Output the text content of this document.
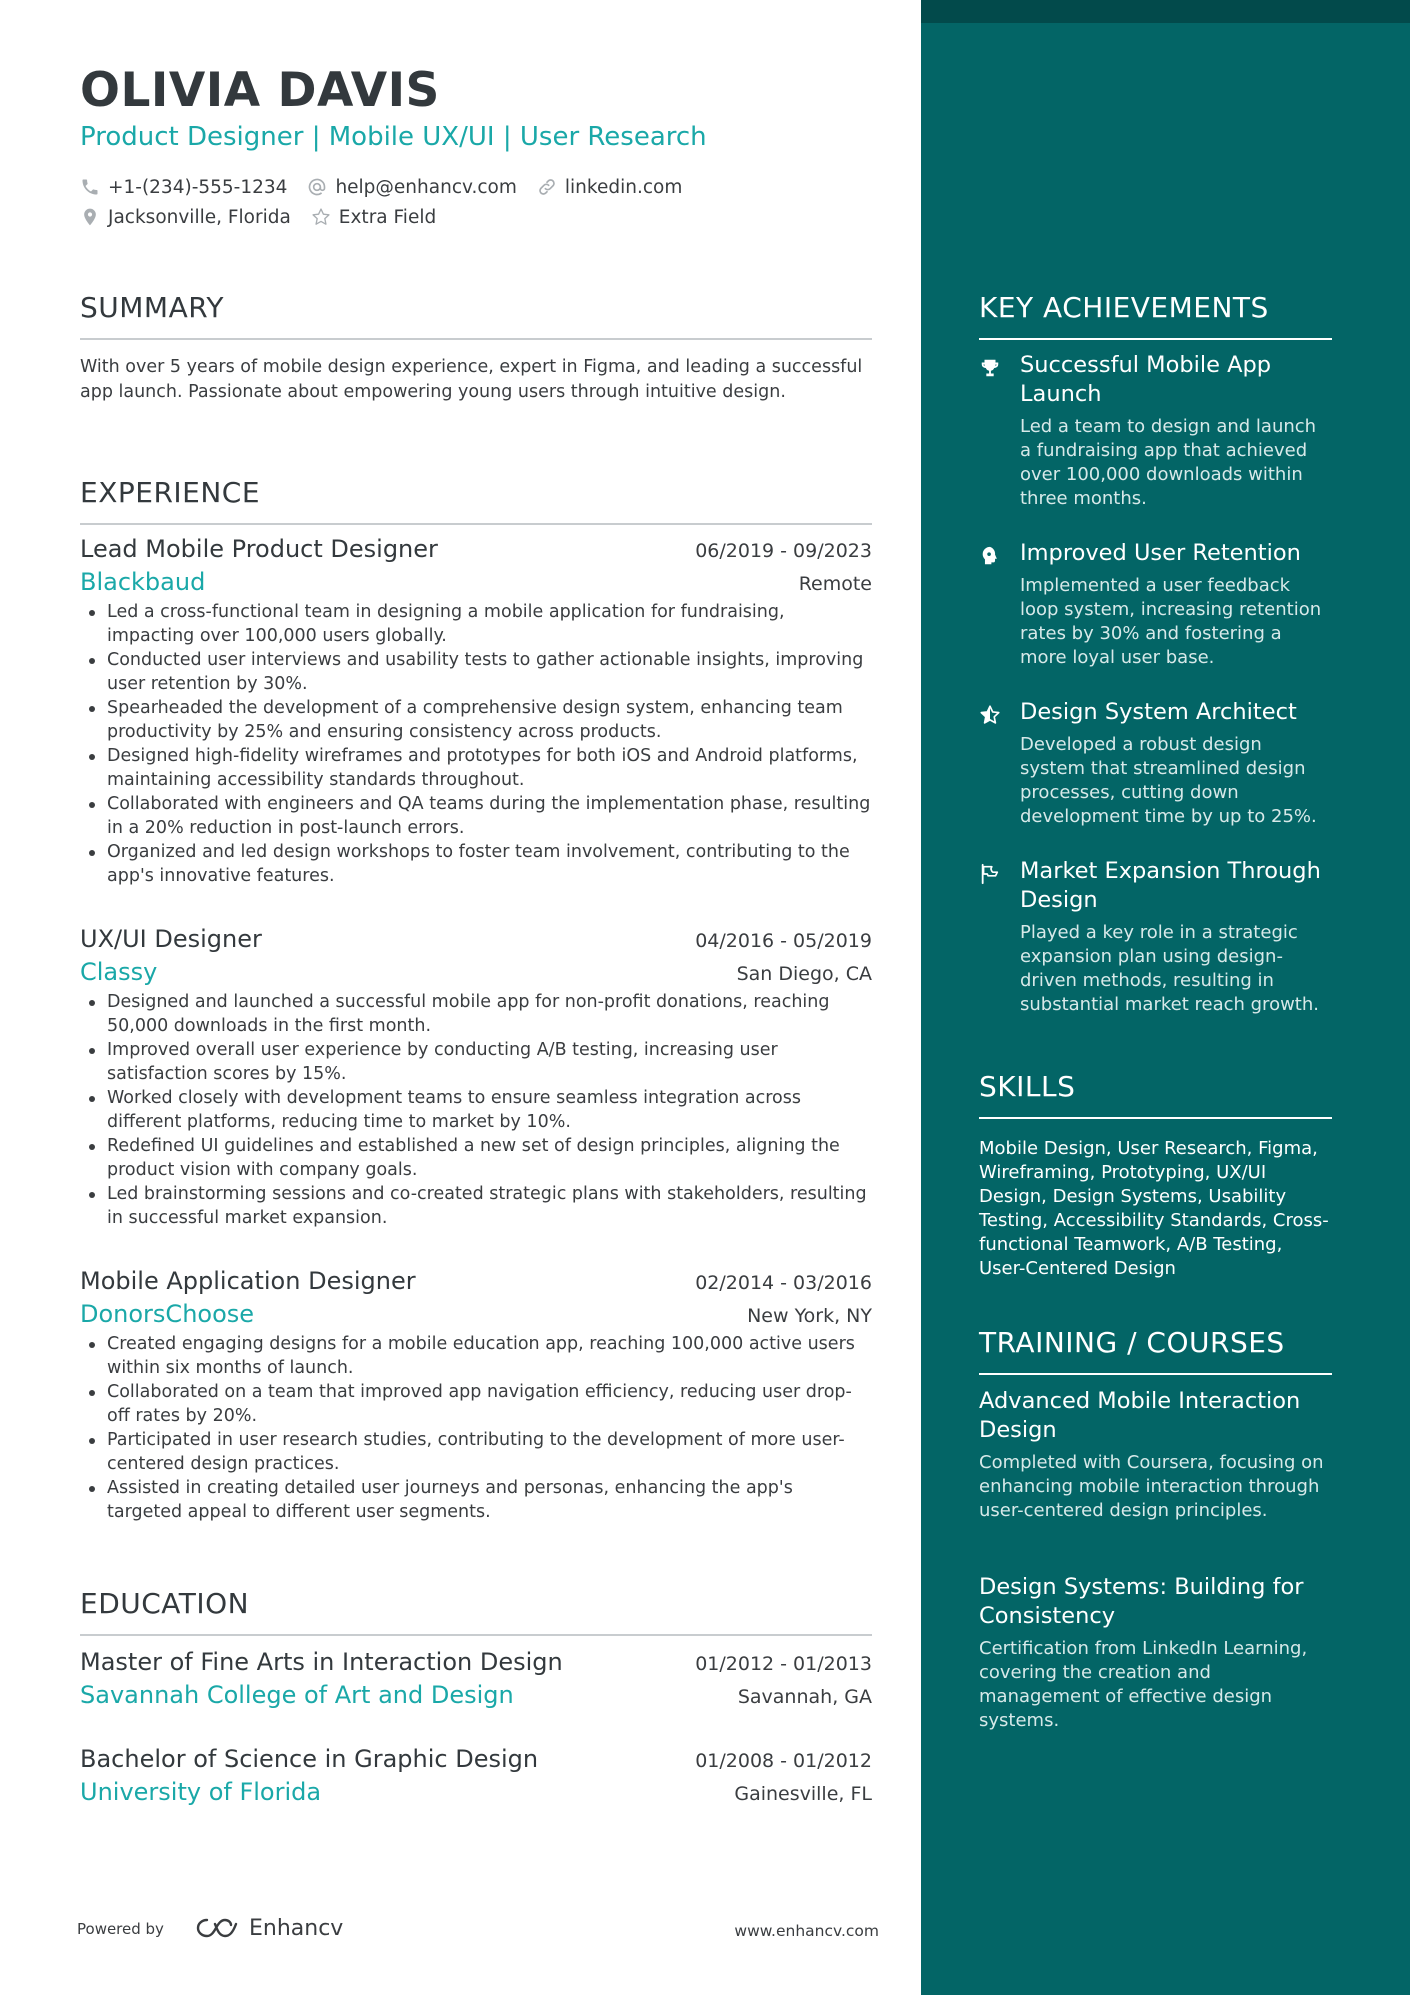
OLIVIA DAVIS
Product Designer | Mobile UX/UI | User Research
+1-(234)-555-1234	help@enhancv.com	linkedin.com
Jacksonville, Florida	Extra Field
SUMMARY
With over 5 years of mobile design experience, expert in Figma, and leading a successful app launch. Passionate about empowering young users through intuitive design.
EXPERIENCE
Lead Mobile Product Designer	06/2019 - 09/2023
Blackbaud	Remote
Led a cross-functional team in designing a mobile application for fundraising, impacting over 100,000 users globally.
Conducted user interviews and usability tests to gather actionable insights, improving user retention by 30%.
Spearheaded the development of a comprehensive design system, enhancing team productivity by 25% and ensuring consistency across products.
Designed high-fidelity wireframes and prototypes for both iOS and Android platforms, maintaining accessibility standards throughout.
Collaborated with engineers and QA teams during the implementation phase, resulting in a 20% reduction in post-launch errors.
Organized and led design workshops to foster team involvement, contributing to the app's innovative features.
UX/UI Designer	04/2016 - 05/2019
Classy	San Diego, CA
Designed and launched a successful mobile app for non-profit donations, reaching 50,000 downloads in the first month.
Improved overall user experience by conducting A/B testing, increasing user satisfaction scores by 15%.
Worked closely with development teams to ensure seamless integration across different platforms, reducing time to market by 10%.
Redefined UI guidelines and established a new set of design principles, aligning the product vision with company goals.
Led brainstorming sessions and co-created strategic plans with stakeholders, resulting in successful market expansion.
Mobile Application Designer	02/2014 - 03/2016
DonorsChoose	New York, NY
Created engaging designs for a mobile education app, reaching 100,000 active users within six months of launch.
Collaborated on a team that improved app navigation efficiency, reducing user drop-off rates by 20%.
Participated in user research studies, contributing to the development of more user-centered design practices.
Assisted in creating detailed user journeys and personas, enhancing the app's targeted appeal to different user segments.
EDUCATION
Master of Fine Arts in Interaction Design	01/2012 - 01/2013
Savannah College of Art and Design	Savannah, GA
Bachelor of Science in Graphic Design	01/2008 - 01/2012
University of Florida	Gainesville, FL
KEY ACHIEVEMENTS
Successful Mobile App Launch
Led a team to design and launch a fundraising app that achieved over 100,000 downloads within three months.
Improved User Retention
Implemented a user feedback loop system, increasing retention rates by 30% and fostering a more loyal user base.
Design System Architect
Developed a robust design system that streamlined design processes, cutting down development time by up to 25%.
Market Expansion Through Design
Played a key role in a strategic expansion plan using design-driven methods, resulting in substantial market reach growth.
SKILLS
Mobile Design, User Research, Figma, Wireframing, Prototyping, UX/UI Design, Design Systems, Usability Testing, Accessibility Standards, Cross-functional Teamwork, A/B Testing, User-Centered Design
TRAINING / COURSES
Advanced Mobile Interaction Design
Completed with Coursera, focusing on enhancing mobile interaction through user-centered design principles.
Design Systems: Building for Consistency
Certification from LinkedIn Learning, covering the creation and management of effective design systems.
Powered by	Enhancv	www.enhancv.com
